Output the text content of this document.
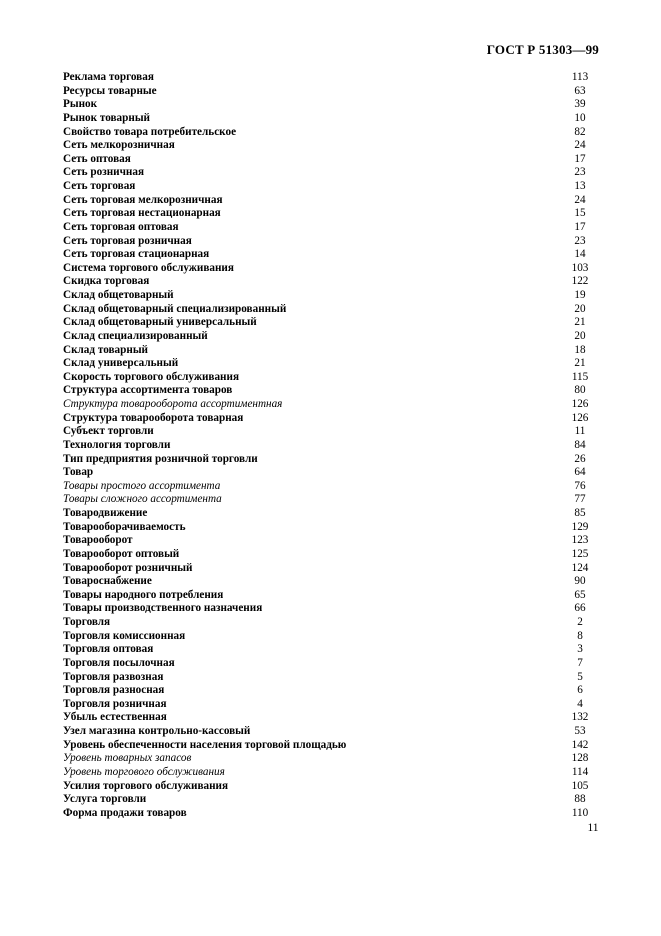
ГОСТ Р 51303—99
Реклама торговая	113
Ресурсы товарные	63
Рынок	39
Рынок товарный	10
Свойство товара потребительское	82
Сеть мелкорозничная	24
Сеть оптовая	17
Сеть розничная	23
Сеть торговая	13
Сеть торговая мелкорозничная	24
Сеть торговая нестационарная	15
Сеть торговая оптовая	17
Сеть торговая розничная	23
Сеть торговая стационарная	14
Система торгового обслуживания	103
Скидка торговая	122
Склад общетоварный	19
Склад общетоварный специализированный	20
Склад общетоварный универсальный	21
Склад специализированный	20
Склад товарный	18
Склад универсальный	21
Скорость торгового обслуживания	115
Структура ассортимента товаров	80
Структура товарооборота ассортиментная	126
Структура товарооборота товарная	126
Субъект торговли	11
Технология торговли	84
Тип предприятия розничной торговли	26
Товар	64
Товары простого ассортимента	76
Товары сложного ассортимента	77
Товародвижение	85
Товарооборачиваемость	129
Товарооборот	123
Товарооборот оптовый	125
Товарооборот розничный	124
Товароснабжение	90
Товары народного потребления	65
Товары производственного назначения	66
Торговля	2
Торговля комиссионная	8
Торговля оптовая	3
Торговля посылочная	7
Торговля развозная	5
Торговля разносная	6
Торговля розничная	4
Убыль естественная	132
Узел магазина контрольно-кассовый	53
Уровень обеспеченности населения торговой площадью	142
Уровень товарных запасов	128
Уровень торгового обслуживания	114
Усилия торгового обслуживания	105
Услуга торговли	88
Форма продажи товаров	110
11
